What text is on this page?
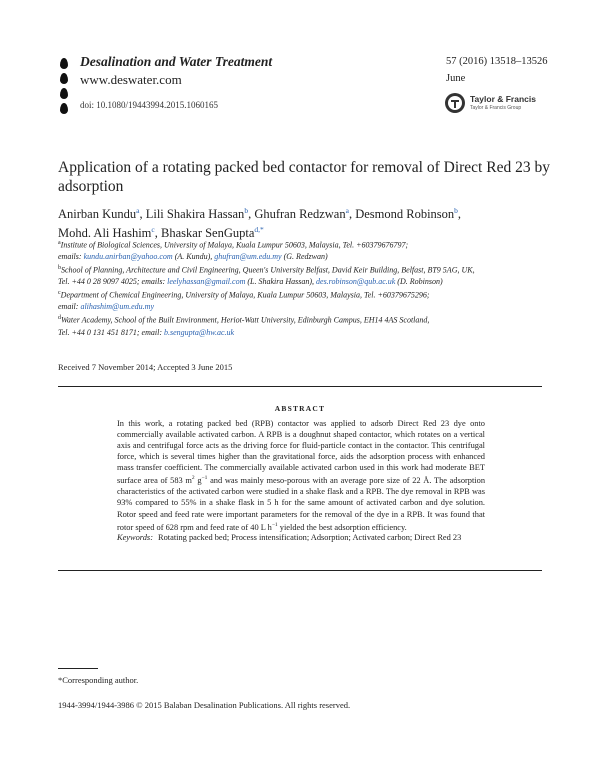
Desalination and Water Treatment
www.deswater.com
doi: 10.1080/19443994.2015.1060165
57 (2016) 13518–13526
June
Taylor & Francis
Taylor & Francis Group
Application of a rotating packed bed contactor for removal of Direct Red 23 by adsorption
Anirban Kundu$^a$, Lili Shakira Hassan$^b$, Ghufran Redzwan$^a$, Desmond Robinson$^b$,
Mohd. Ali Hashim$^c$, Bhaskar SenGupta$^{d,*}$

$^a$Institute of Biological Sciences, University of Malaya, Kuala Lumpur 50603, Malaysia, Tel. +60379676797;
emails: kundu.anirban@yahoo.com (A. Kundu), ghufran@um.edu.my (G. Redzwan)

$^b$School of Planning, Architecture and Civil Engineering, Queen's University Belfast, David Keir Building, Belfast, BT9 5AG, UK,
Tel. +44 0 28 9097 4025; emails: leelyhassan@gmail.com (L. Shakira Hassan), des.robinson@qub.ac.uk (D. Robinson)

$^c$Department of Chemical Engineering, University of Malaya, Kuala Lumpur 50603, Malaysia, Tel. +60379675296;
email: alihashim@um.edu.my

$^d$Water Academy, School of the Built Environment, Heriot-Watt University, Edinburgh Campus, EH14 4AS Scotland,
Tel. +44 0 131 451 8171; email: b.sengupta@hw.ac.uk

Received 7 November 2014; Accepted 3 June 2015
ABSTRACT
In this work, a rotating packed bed (RPB) contactor was applied to adsorb Direct Red 23 dye onto commercially available activated carbon. A RPB is a doughnut shaped contactor, which rotates on a vertical axis and centrifugal force acts as the driving force for fluid-particle contact in the contactor. This centrifugal force, which is several times higher than the gravitational force, aids the adsorption process with enhanced mass transfer coefficient. The commercially available activated carbon used in this work had moderate BET surface area of 583 $m^2$ $g^{-1}$ and was mainly meso-porous with an average pore size of 22 Å. The adsorption characteristics of the activated carbon were studied in a shake flask and a RPB. The dye removal in RPB was 93% compared to 55% in a shake flask in 5 h for the same amount of activated carbon and dye solution. Rotor speed and feed rate were important parameters for the removal of the dye in a RPB. It was found that rotor speed of 628 rpm and feed rate of 40 L $h^{-1}$ yielded the best adsorption efficiency.
Keywords: Rotating packed bed; Process intensification; Adsorption; Activated carbon; Direct Red 23
*Corresponding author.
1944-3994/1944-3986 © 2015 Balaban Desalination Publications. All rights reserved.
